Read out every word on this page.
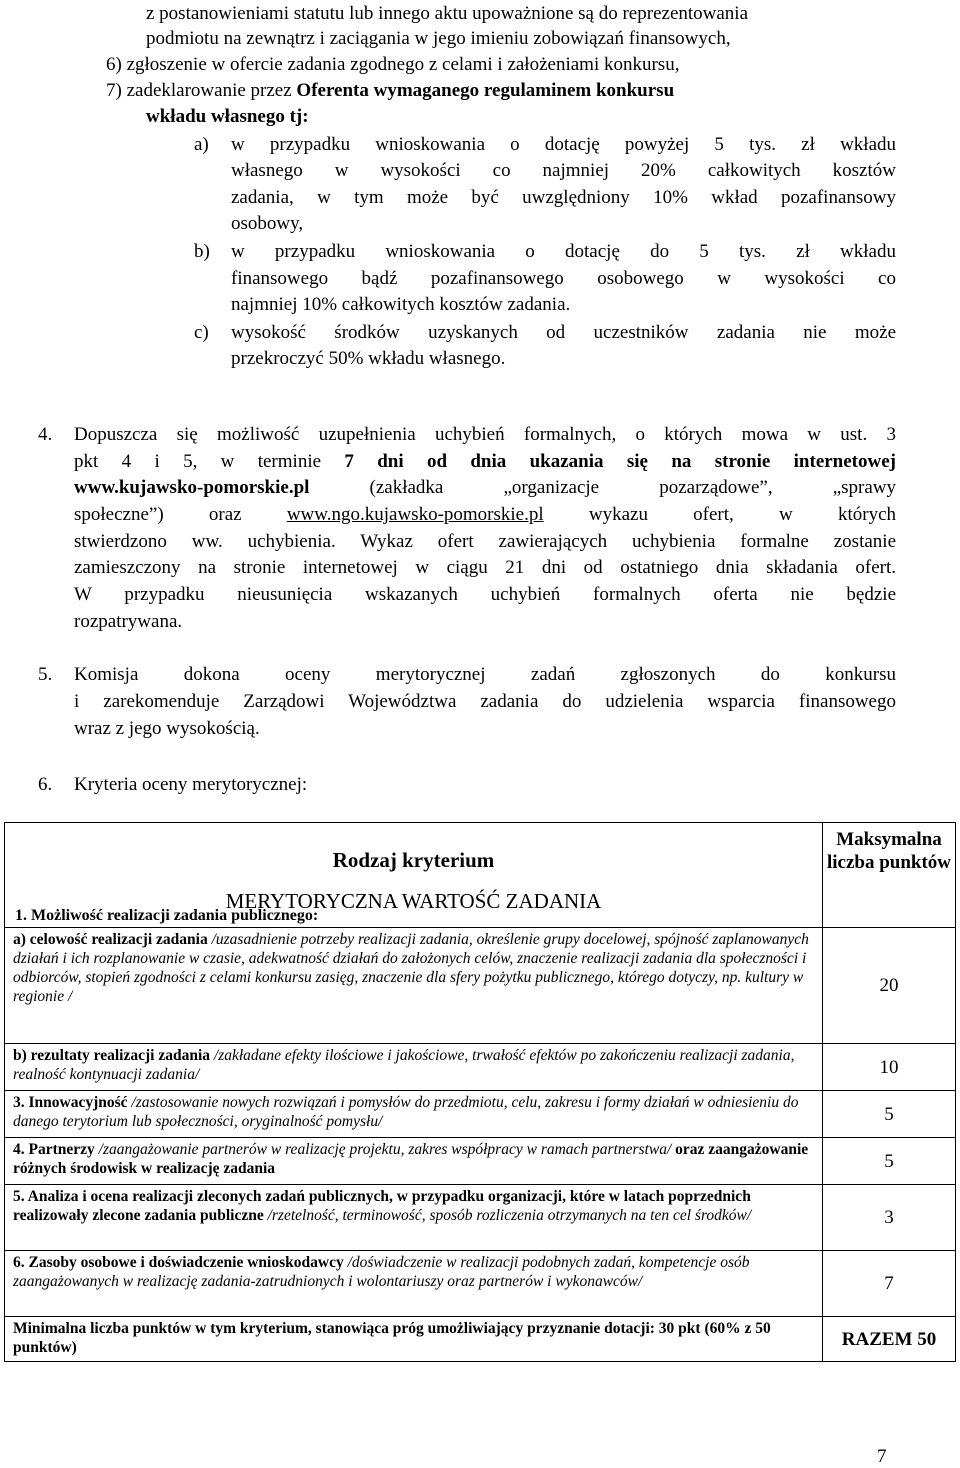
z postanowieniami statutu lub innego aktu upoważnione są do reprezentowania
podmiotu na zewnątrz i zaciągania w jego imieniu zobowiązań finansowych,
6) zgłoszenie w ofercie zadania zgodnego z celami i założeniami konkursu,
7) zadeklarowanie przez Oferenta wymaganego regulaminem konkursu
wkładu własnego tj:
a) w przypadku wnioskowania o dotację powyżej 5 tys. zł wkładu
własnego w wysokości co najmniej 20% całkowitych kosztów
zadania, w tym może być uwzględniony 10% wkład pozafinansowy
osobowy,
b) w przypadku wnioskowania o dotację do 5 tys. zł wkładu
finansowego bądź pozafinansowego osobowego w wysokości co
najmniej 10% całkowitych kosztów zadania.
c) wysokość środków uzyskanych od uczestników zadania nie może
przekroczyć 50% wkładu własnego.
4. Dopuszcza się możliwość uzupełnienia uchybień formalnych, o których mowa w ust. 3
pkt 4 i 5, w terminie 7 dni od dnia ukazania się na stronie internetowej
www.kujawsko-pomorskie.pl (zakładka „organizacje pozarządowe”, „sprawy
społeczne”) oraz www.ngo.kujawsko-pomorskie.pl wykazu ofert, w których
stwierdzono ww. uchybienia. Wykaz ofert zawierających uchybienia formalne zostanie
zamieszczony na stronie internetowej w ciągu 21 dni od ostatniego dnia składania ofert.
W przypadku nieusunięcia wskazanych uchybień formalnych oferta nie będzie
rozpatrywana.
5. Komisja dokona oceny merytorycznej zadań zgłoszonych do konkursu
i zarekomenduje Zarządowi Województwa zadania do udzielenia wsparcia finansowego
wraz z jego wysokością.
6. Kryteria oceny merytorycznej:
Rodzaj kryterium
MERYTORYCZNA WARTOŚĆ ZADANIA
1. Możliwość realizacji zadania publicznego:	Maksymalna liczba punktów
a) celowość realizacji zadania /uzasadnienie potrzeby realizacji zadania, określenie grupy docelowej, spójność zaplanowanych działań i ich rozplanowanie w czasie, adekwatność działań do założonych celów, znaczenie realizacji zadania dla społeczności i odbiorców, stopień zgodności z celami konkursu zasięg, znaczenie dla sfery pożytku publicznego, którego dotyczy, np. kultury w regionie /	20
b) rezultaty realizacji zadania /zakładane efekty ilościowe i jakościowe, trwałość efektów po zakończeniu realizacji zadania, realność kontynuacji zadania/	10
3. Innowacyjność /zastosowanie nowych rozwiązań i pomysłów do przedmiotu, celu, zakresu i formy działań w odniesieniu do danego terytorium lub społeczności, oryginalność pomysłu/	5
4. Partnerzy /zaangażowanie partnerów w realizację projektu, zakres współpracy w ramach partnerstwa/ oraz zaangażowanie różnych środowisk w realizację zadania	5
5. Analiza i ocena realizacji zleconych zadań publicznych, w przypadku organizacji, które w latach poprzednich realizowały zlecone zadania publiczne /rzetelność, terminowość, sposób rozliczenia otrzymanych na ten cel środków/	3
6. Zasoby osobowe i doświadczenie wnioskodawcy /doświadczenie w realizacji podobnych zadań, kompetencje osób zaangażowanych w realizację zadania-zatrudnionych i wolontariuszy oraz partnerów i wykonawców/	7
Minimalna liczba punktów w tym kryterium, stanowiąca próg umożliwiający przyznanie dotacji: 30 pkt (60% z 50 punktów)	RAZEM 50
7
